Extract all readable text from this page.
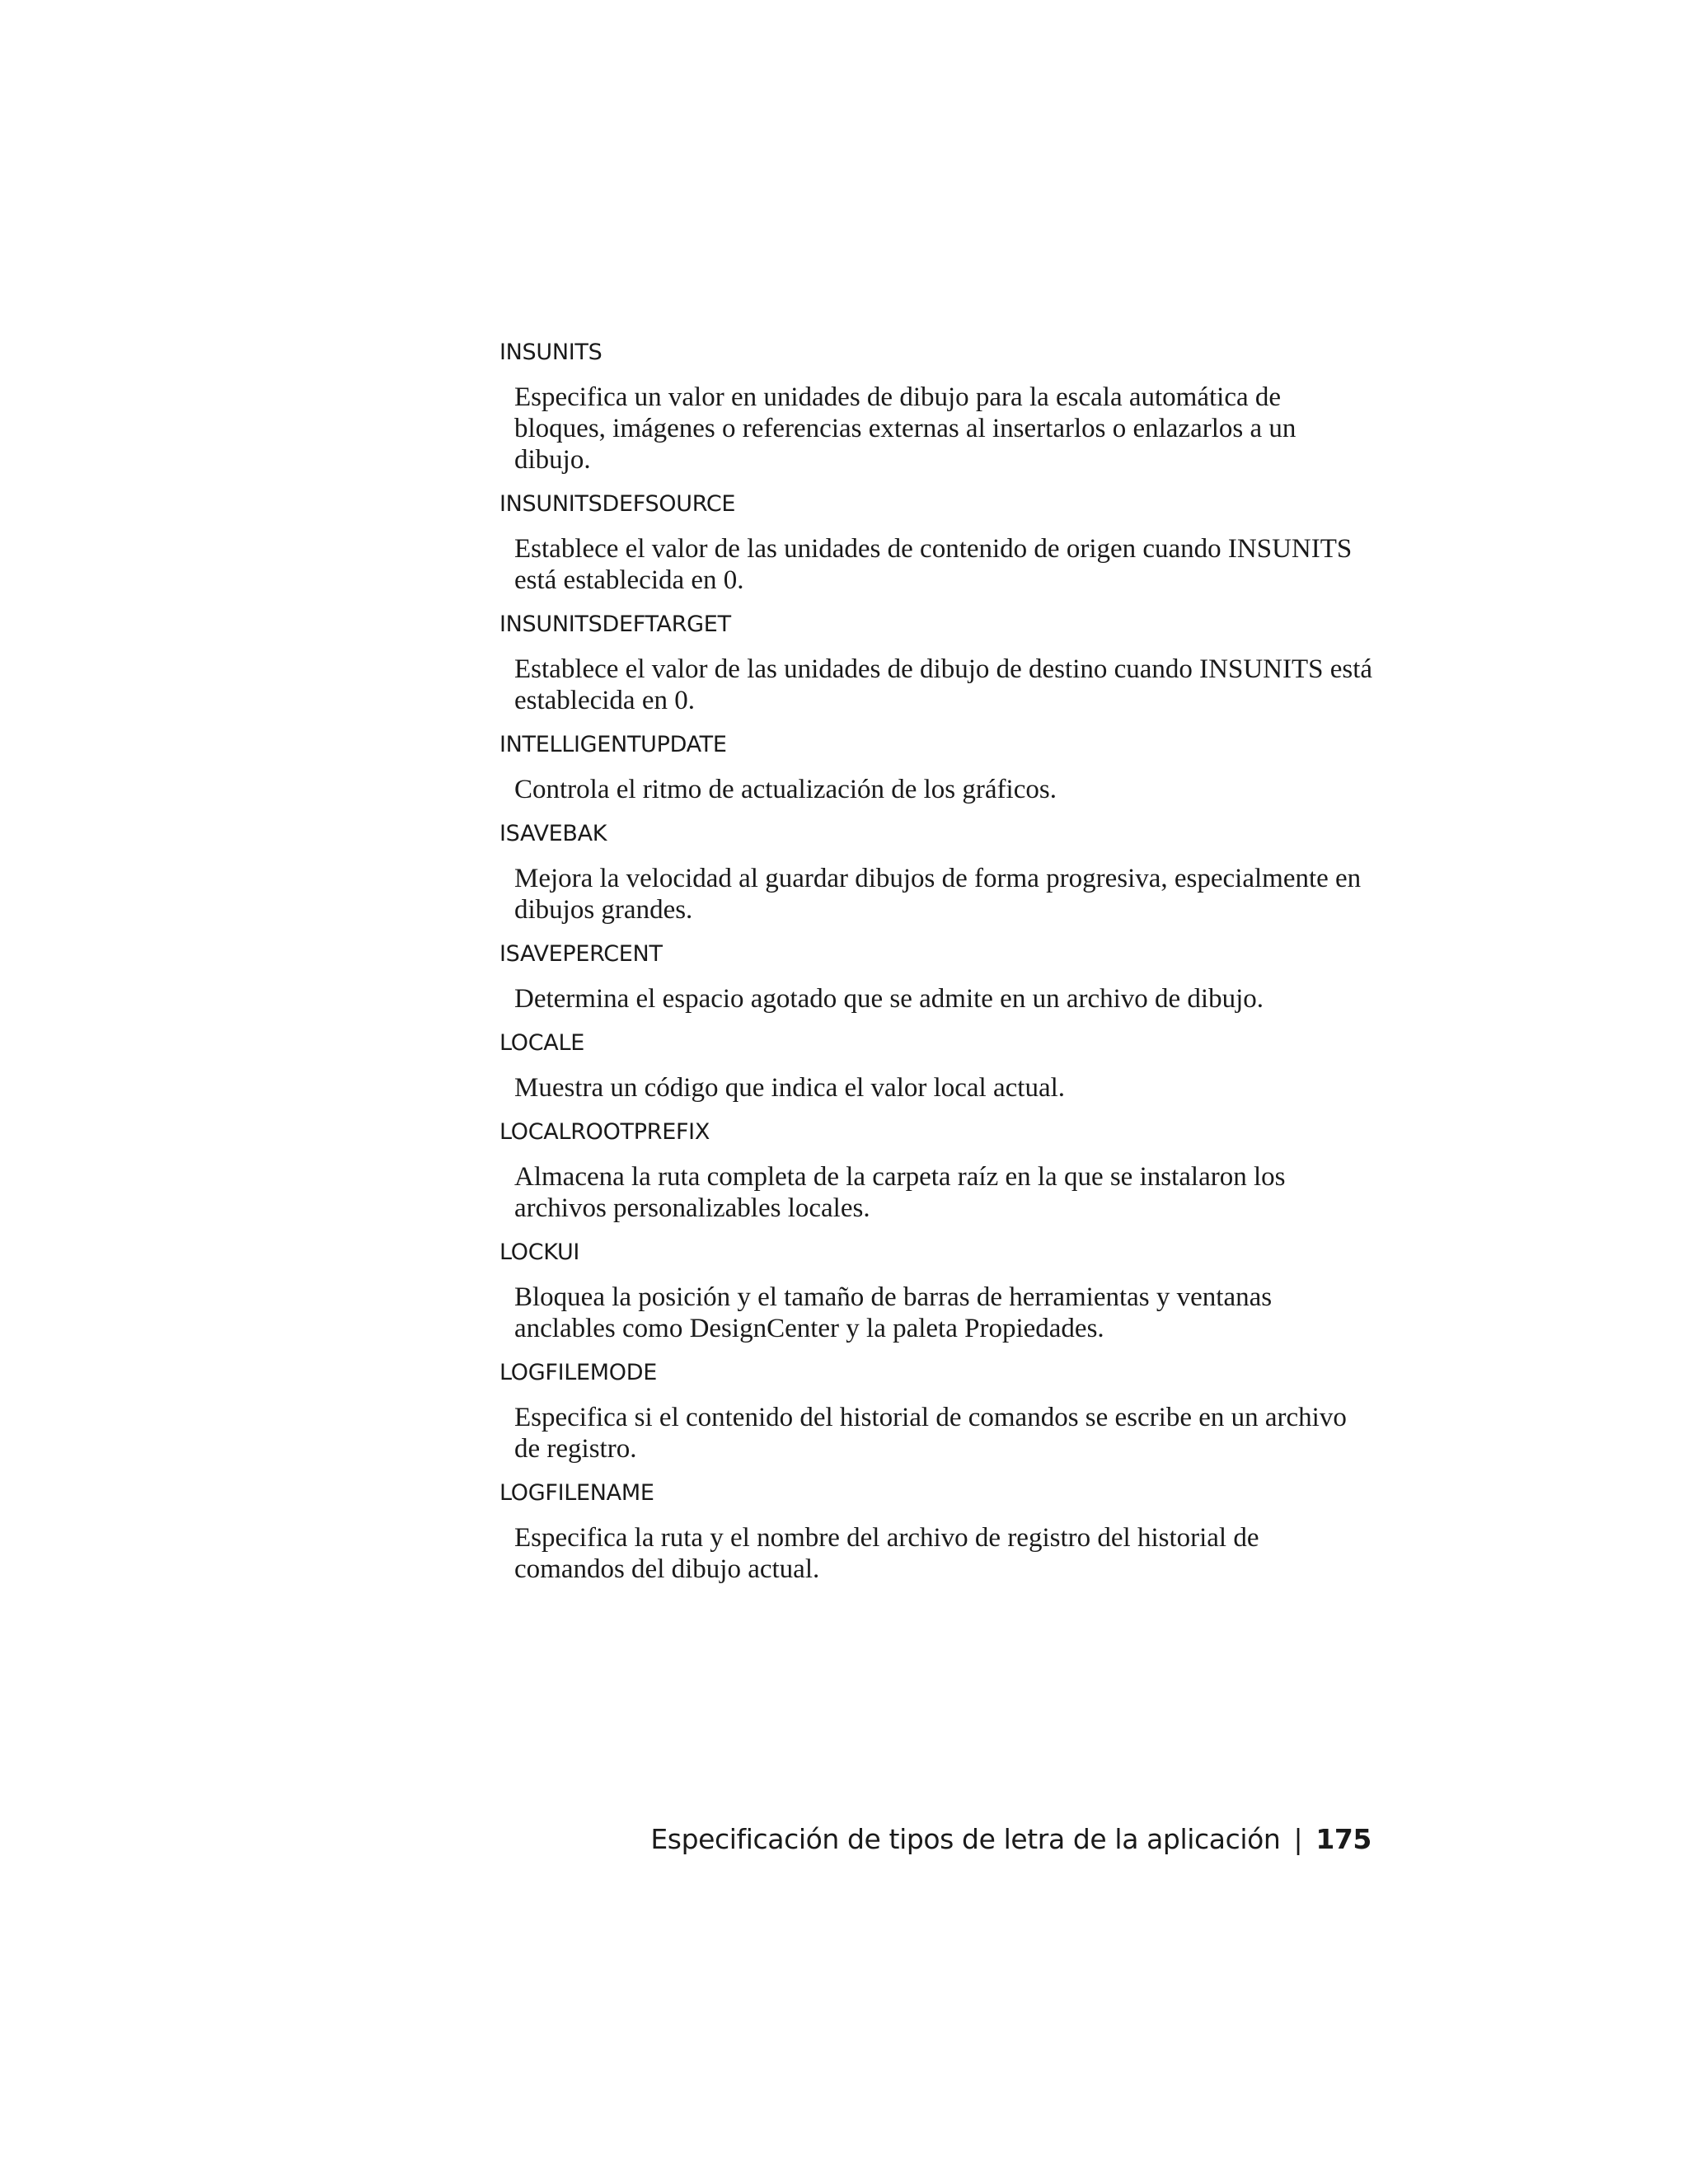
INSUNITS

Especifica un valor en unidades de dibujo para la escala automática de bloques, imágenes o referencias externas al insertarlos o enlazarlos a un dibujo.

INSUNITSDEFSOURCE

Establece el valor de las unidades de contenido de origen cuando INSUNITS está establecida en 0.

INSUNITSDEFTARGET

Establece el valor de las unidades de dibujo de destino cuando INSUNITS está establecida en 0.

INTELLIGENTUPDATE

Controla el ritmo de actualización de los gráficos.

ISAVEBAK

Mejora la velocidad al guardar dibujos de forma progresiva, especialmente en dibujos grandes.

ISAVEPERCENT

Determina el espacio agotado que se admite en un archivo de dibujo.

LOCALE

Muestra un código que indica el valor local actual.

LOCALROOTPREFIX

Almacena la ruta completa de la carpeta raíz en la que se instalaron los archivos personalizables locales.

LOCKUI

Bloquea la posición y el tamaño de barras de herramientas y ventanas anclables como DesignCenter y la paleta Propiedades.

LOGFILEMODE

Especifica si el contenido del historial de comandos se escribe en un archivo de registro.

LOGFILENAME

Especifica la ruta y el nombre del archivo de registro del historial de comandos del dibujo actual.

Especificación de tipos de letra de la aplicación | 175
